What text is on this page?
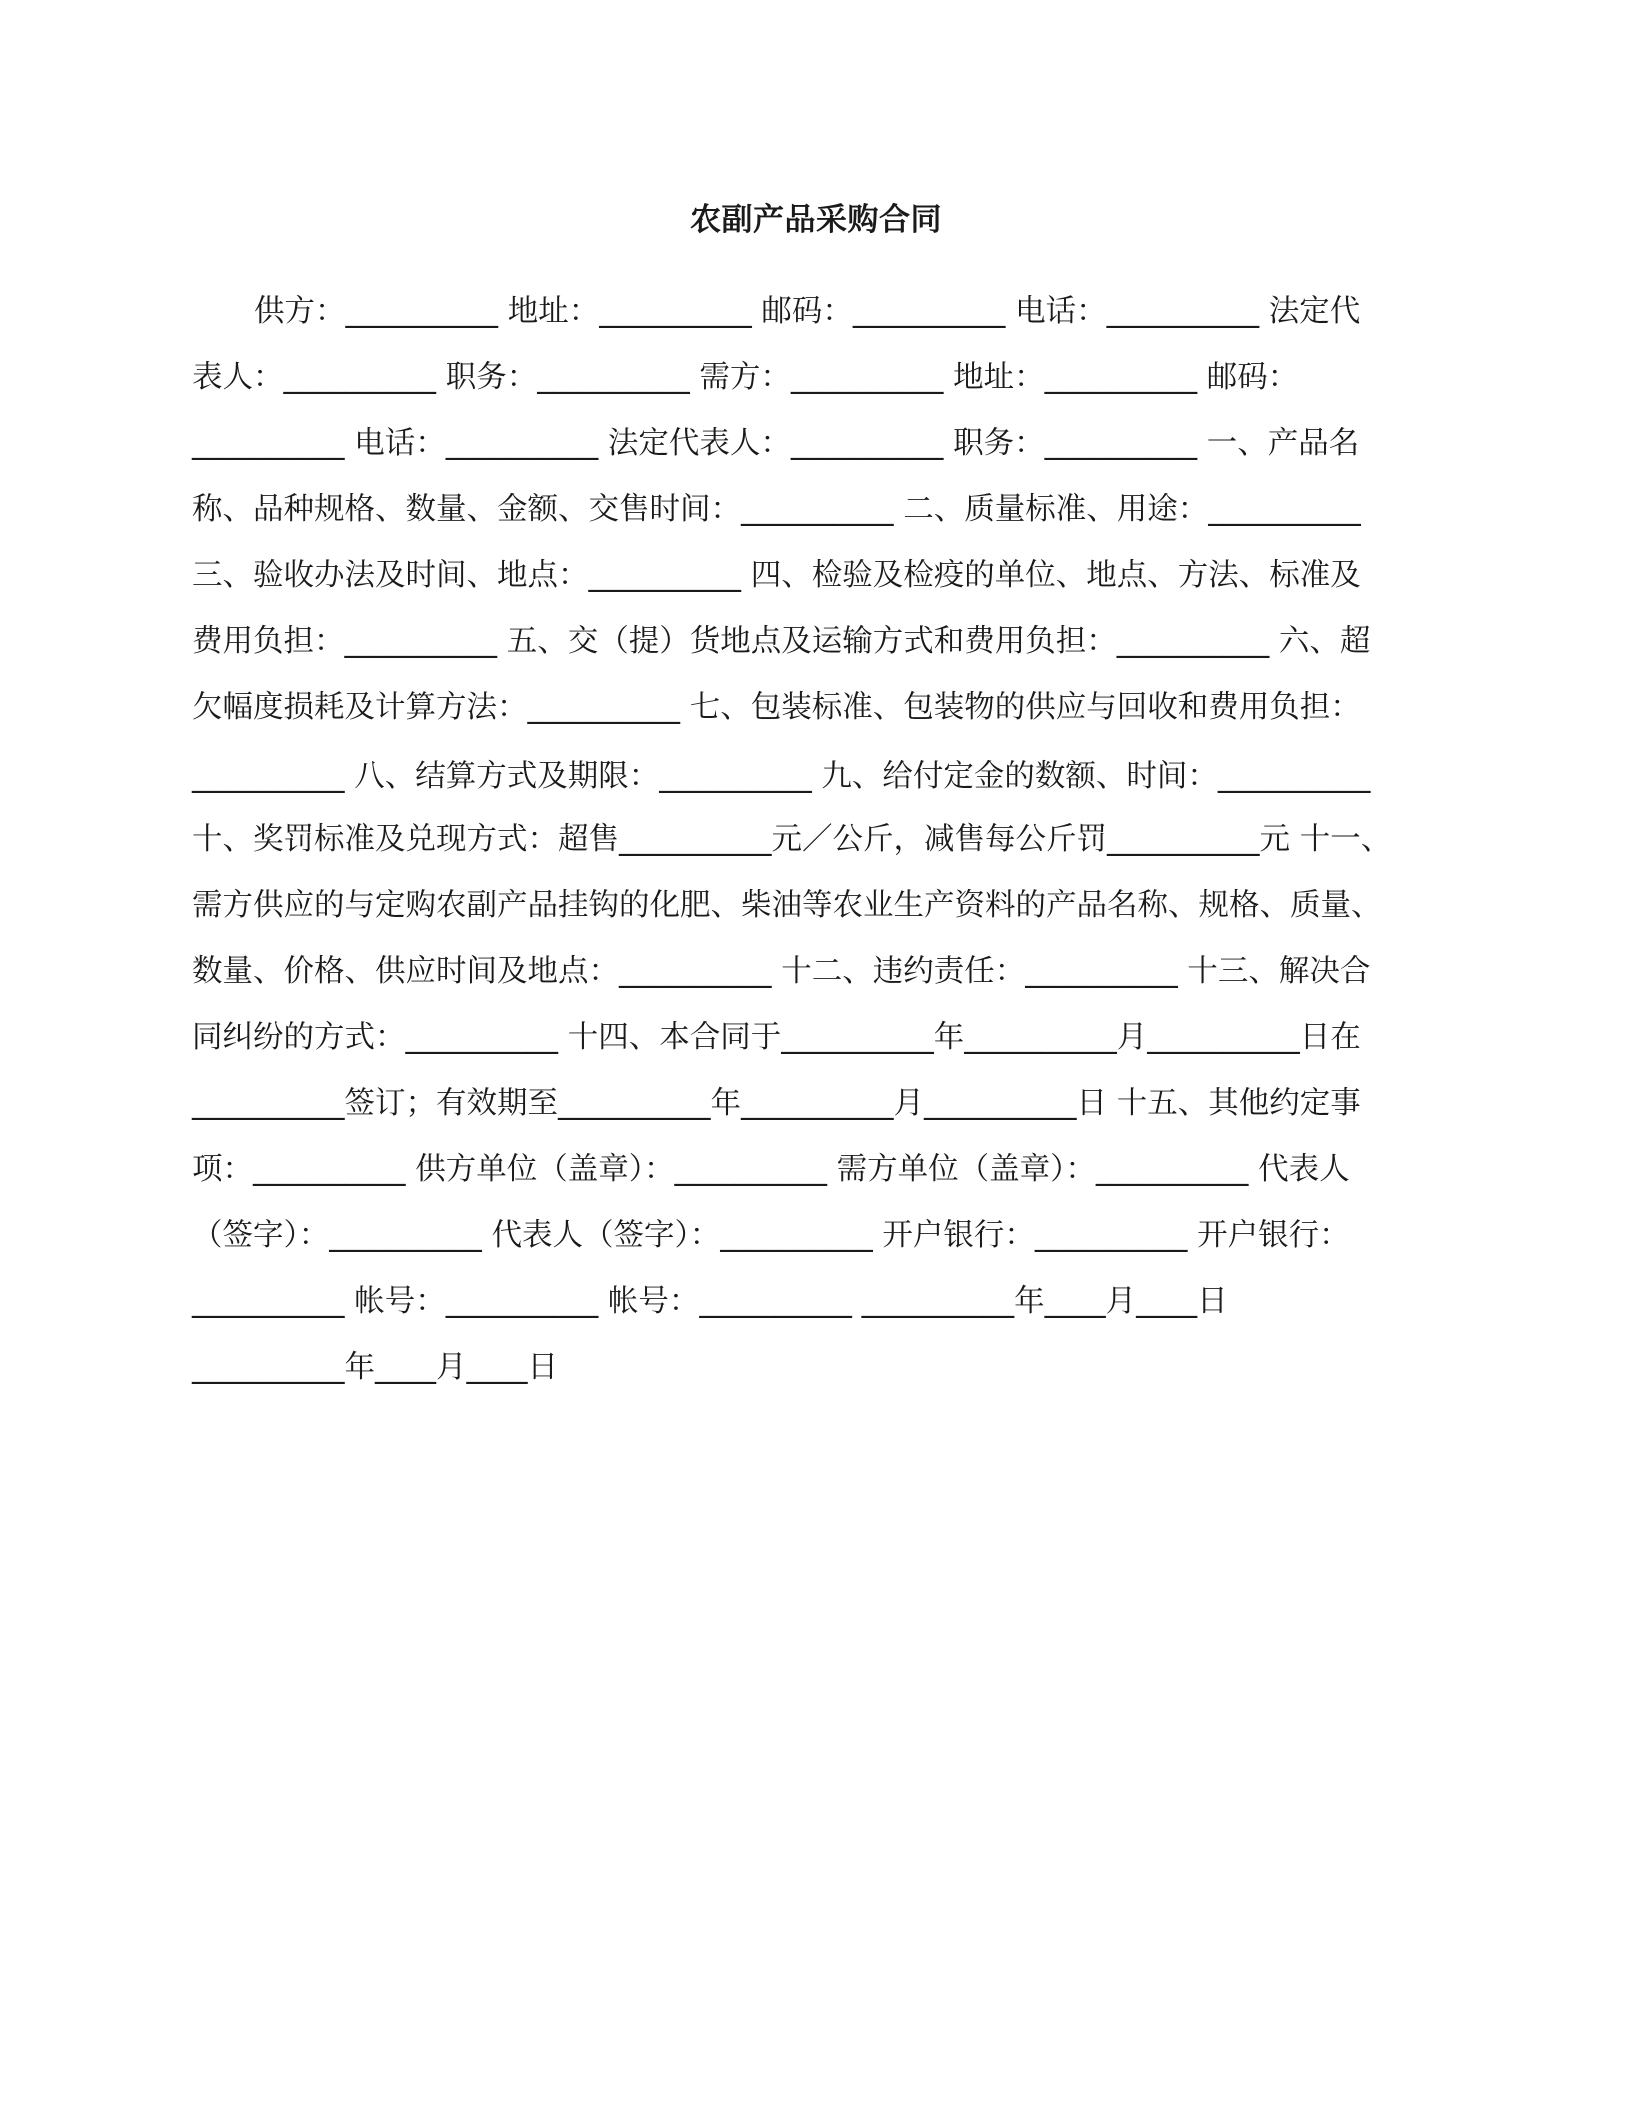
农副产品采购合同

供方：__________ 地址：__________ 邮码：__________ 电话：__________ 法定代

表人：__________ 职务：__________ 需方：__________ 地址：__________ 邮码：

__________ 电话：__________ 法定代表人：__________ 职务：__________ 一、产品名

称、品种规格、数量、金额、交售时间：__________ 二、质量标准、用途：__________

三、验收办法及时间、地点：__________ 四、检验及检疫的单位、地点、方法、标准及

费用负担：__________ 五、交（提）货地点及运输方式和费用负担：__________ 六、超

欠幅度损耗及计算方法：__________ 七、包装标准、包装物的供应与回收和费用负担：

__________ 八、结算方式及期限：__________ 九、给付定金的数额、时间：__________

十、奖罚标准及兑现方式：超售__________元／公斤，减售每公斤罚__________元 十一、

需方供应的与定购农副产品挂钩的化肥、柴油等农业生产资料的产品名称、规格、质量、

数量、价格、供应时间及地点：__________ 十二、违约责任：__________ 十三、解决合

同纠纷的方式：__________ 十四、本合同于__________年__________月__________日在

__________签订；有效期至__________年__________月__________日 十五、其他约定事

项：__________ 供方单位（盖章）：__________ 需方单位（盖章）：__________ 代表人

（签字）：__________ 代表人（签字）：__________ 开户银行：__________ 开户银行：

__________ 帐号：__________ 帐号：__________ __________年____月____日

__________年____月____日
